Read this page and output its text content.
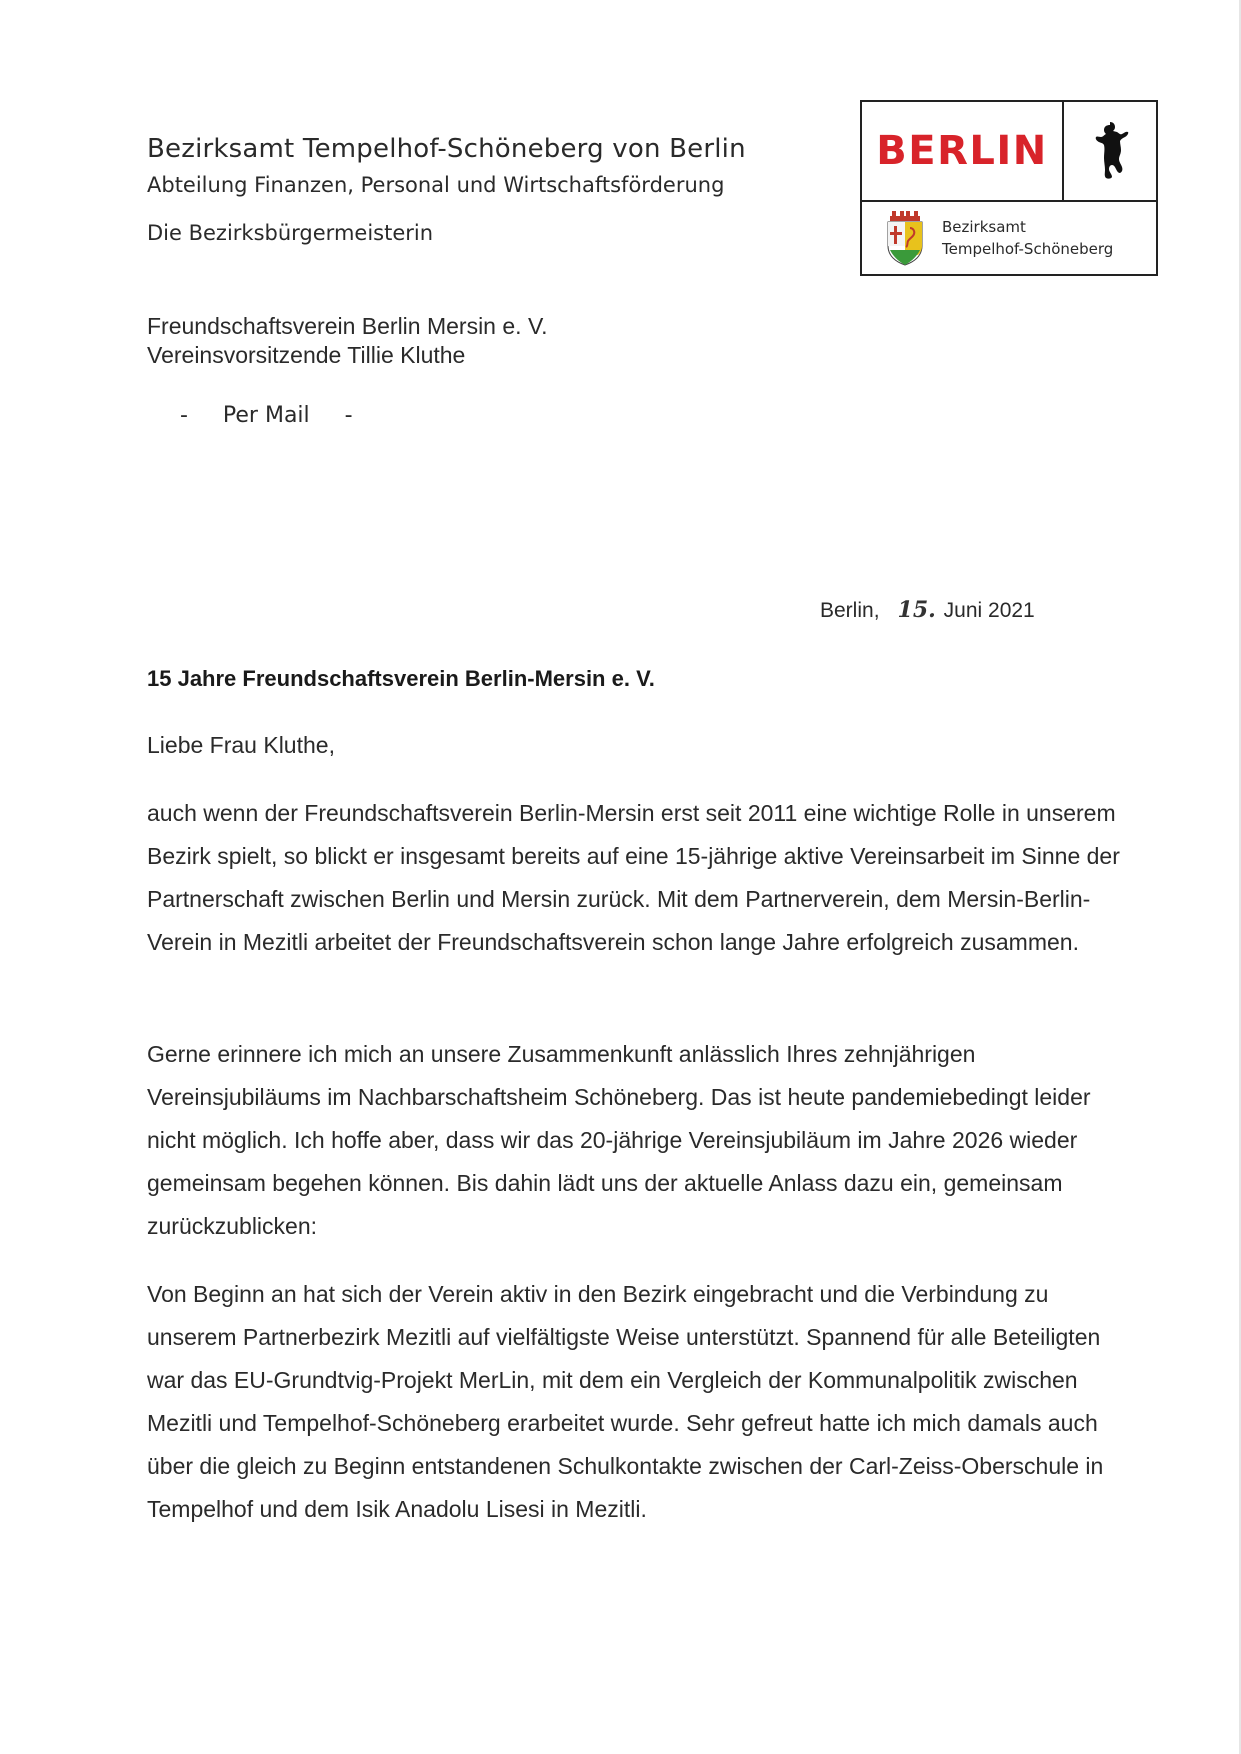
Bezirksamt Tempelhof-Schöneberg von Berlin
Abteilung Finanzen, Personal und Wirtschaftsförderung
Die Bezirksbürgermeisterin
BERLIN
Bezirksamt
Tempelhof-Schöneberg
Freundschaftsverein Berlin Mersin e. V.
Vereinsvorsitzende Tillie Kluthe
-     Per Mail     -
Berlin, 15. Juni 2021
15 Jahre Freundschaftsverein Berlin-Mersin e. V.
Liebe Frau Kluthe,

auch wenn der Freundschaftsverein Berlin-Mersin erst seit 2011 eine wichtige Rolle in unserem Bezirk spielt, so blickt er insgesamt bereits auf eine 15-jährige aktive Vereinsarbeit im Sinne der Partnerschaft zwischen Berlin und Mersin zurück. Mit dem Partnerverein, dem Mersin-Berlin-Verein in Mezitli arbeitet der Freundschaftsverein schon lange Jahre erfolgreich zusammen.

Gerne erinnere ich mich an unsere Zusammenkunft anlässlich Ihres zehnjährigen Vereinsjubiläums im Nachbarschaftsheim Schöneberg. Das ist heute pandemiebedingt leider nicht möglich. Ich hoffe aber, dass wir das 20-jährige Vereinsjubiläum im Jahre 2026 wieder gemeinsam begehen können. Bis dahin lädt uns der aktuelle Anlass dazu ein, gemeinsam zurückzublicken:

Von Beginn an hat sich der Verein aktiv in den Bezirk eingebracht und die Verbindung zu unserem Partnerbezirk Mezitli auf vielfältigste Weise unterstützt. Spannend für alle Beteiligten war das EU-Grundtvig-Projekt MerLin, mit dem ein Vergleich der Kommunalpolitik zwischen Mezitli und Tempelhof-Schöneberg erarbeitet wurde. Sehr gefreut hatte ich mich damals auch über die gleich zu Beginn entstandenen Schulkontakte zwischen der Carl-Zeiss-Oberschule in Tempelhof und dem Isik Anadolu Lisesi in Mezitli.
